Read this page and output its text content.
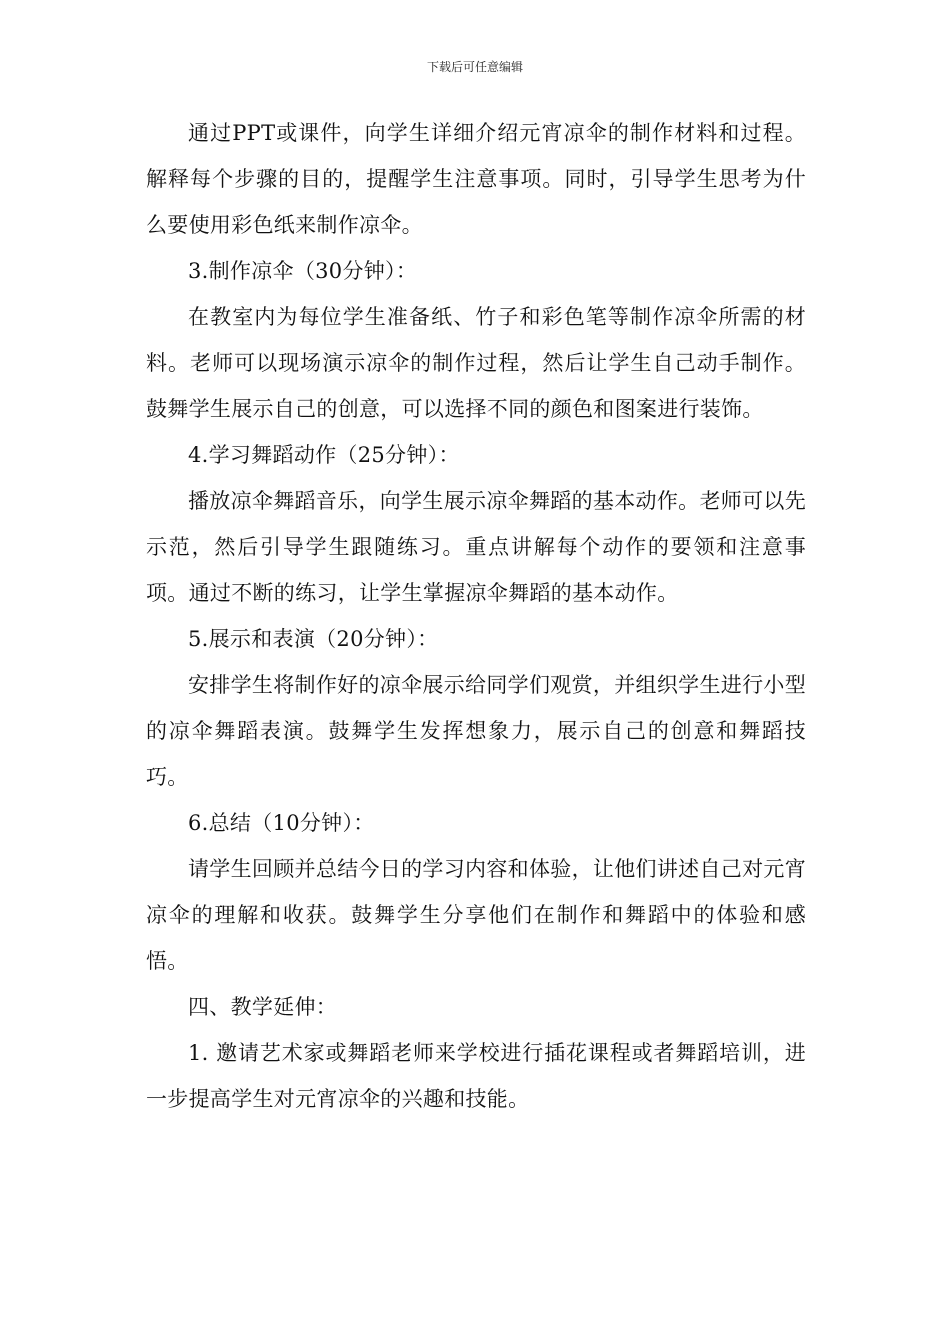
下载后可任意编辑

通过PPT或课件，向学生详细介绍元宵凉伞的制作材料和过程。解释每个步骤的目的，提醒学生注意事项。同时，引导学生思考为什么要使用彩色纸来制作凉伞。

3.制作凉伞（30分钟）：

在教室内为每位学生准备纸、竹子和彩色笔等制作凉伞所需的材料。老师可以现场演示凉伞的制作过程，然后让学生自己动手制作。鼓舞学生展示自己的创意，可以选择不同的颜色和图案进行装饰。

4.学习舞蹈动作（25分钟）：

播放凉伞舞蹈音乐，向学生展示凉伞舞蹈的基本动作。老师可以先示范，然后引导学生跟随练习。重点讲解每个动作的要领和注意事项。通过不断的练习，让学生掌握凉伞舞蹈的基本动作。

5.展示和表演（20分钟）：

安排学生将制作好的凉伞展示给同学们观赏，并组织学生进行小型的凉伞舞蹈表演。鼓舞学生发挥想象力，展示自己的创意和舞蹈技巧。

6.总结（10分钟）：

请学生回顾并总结今日的学习内容和体验，让他们讲述自己对元宵凉伞的理解和收获。鼓舞学生分享他们在制作和舞蹈中的体验和感悟。

四、教学延伸：

1. 邀请艺术家或舞蹈老师来学校进行插花课程或者舞蹈培训，进一步提高学生对元宵凉伞的兴趣和技能。
